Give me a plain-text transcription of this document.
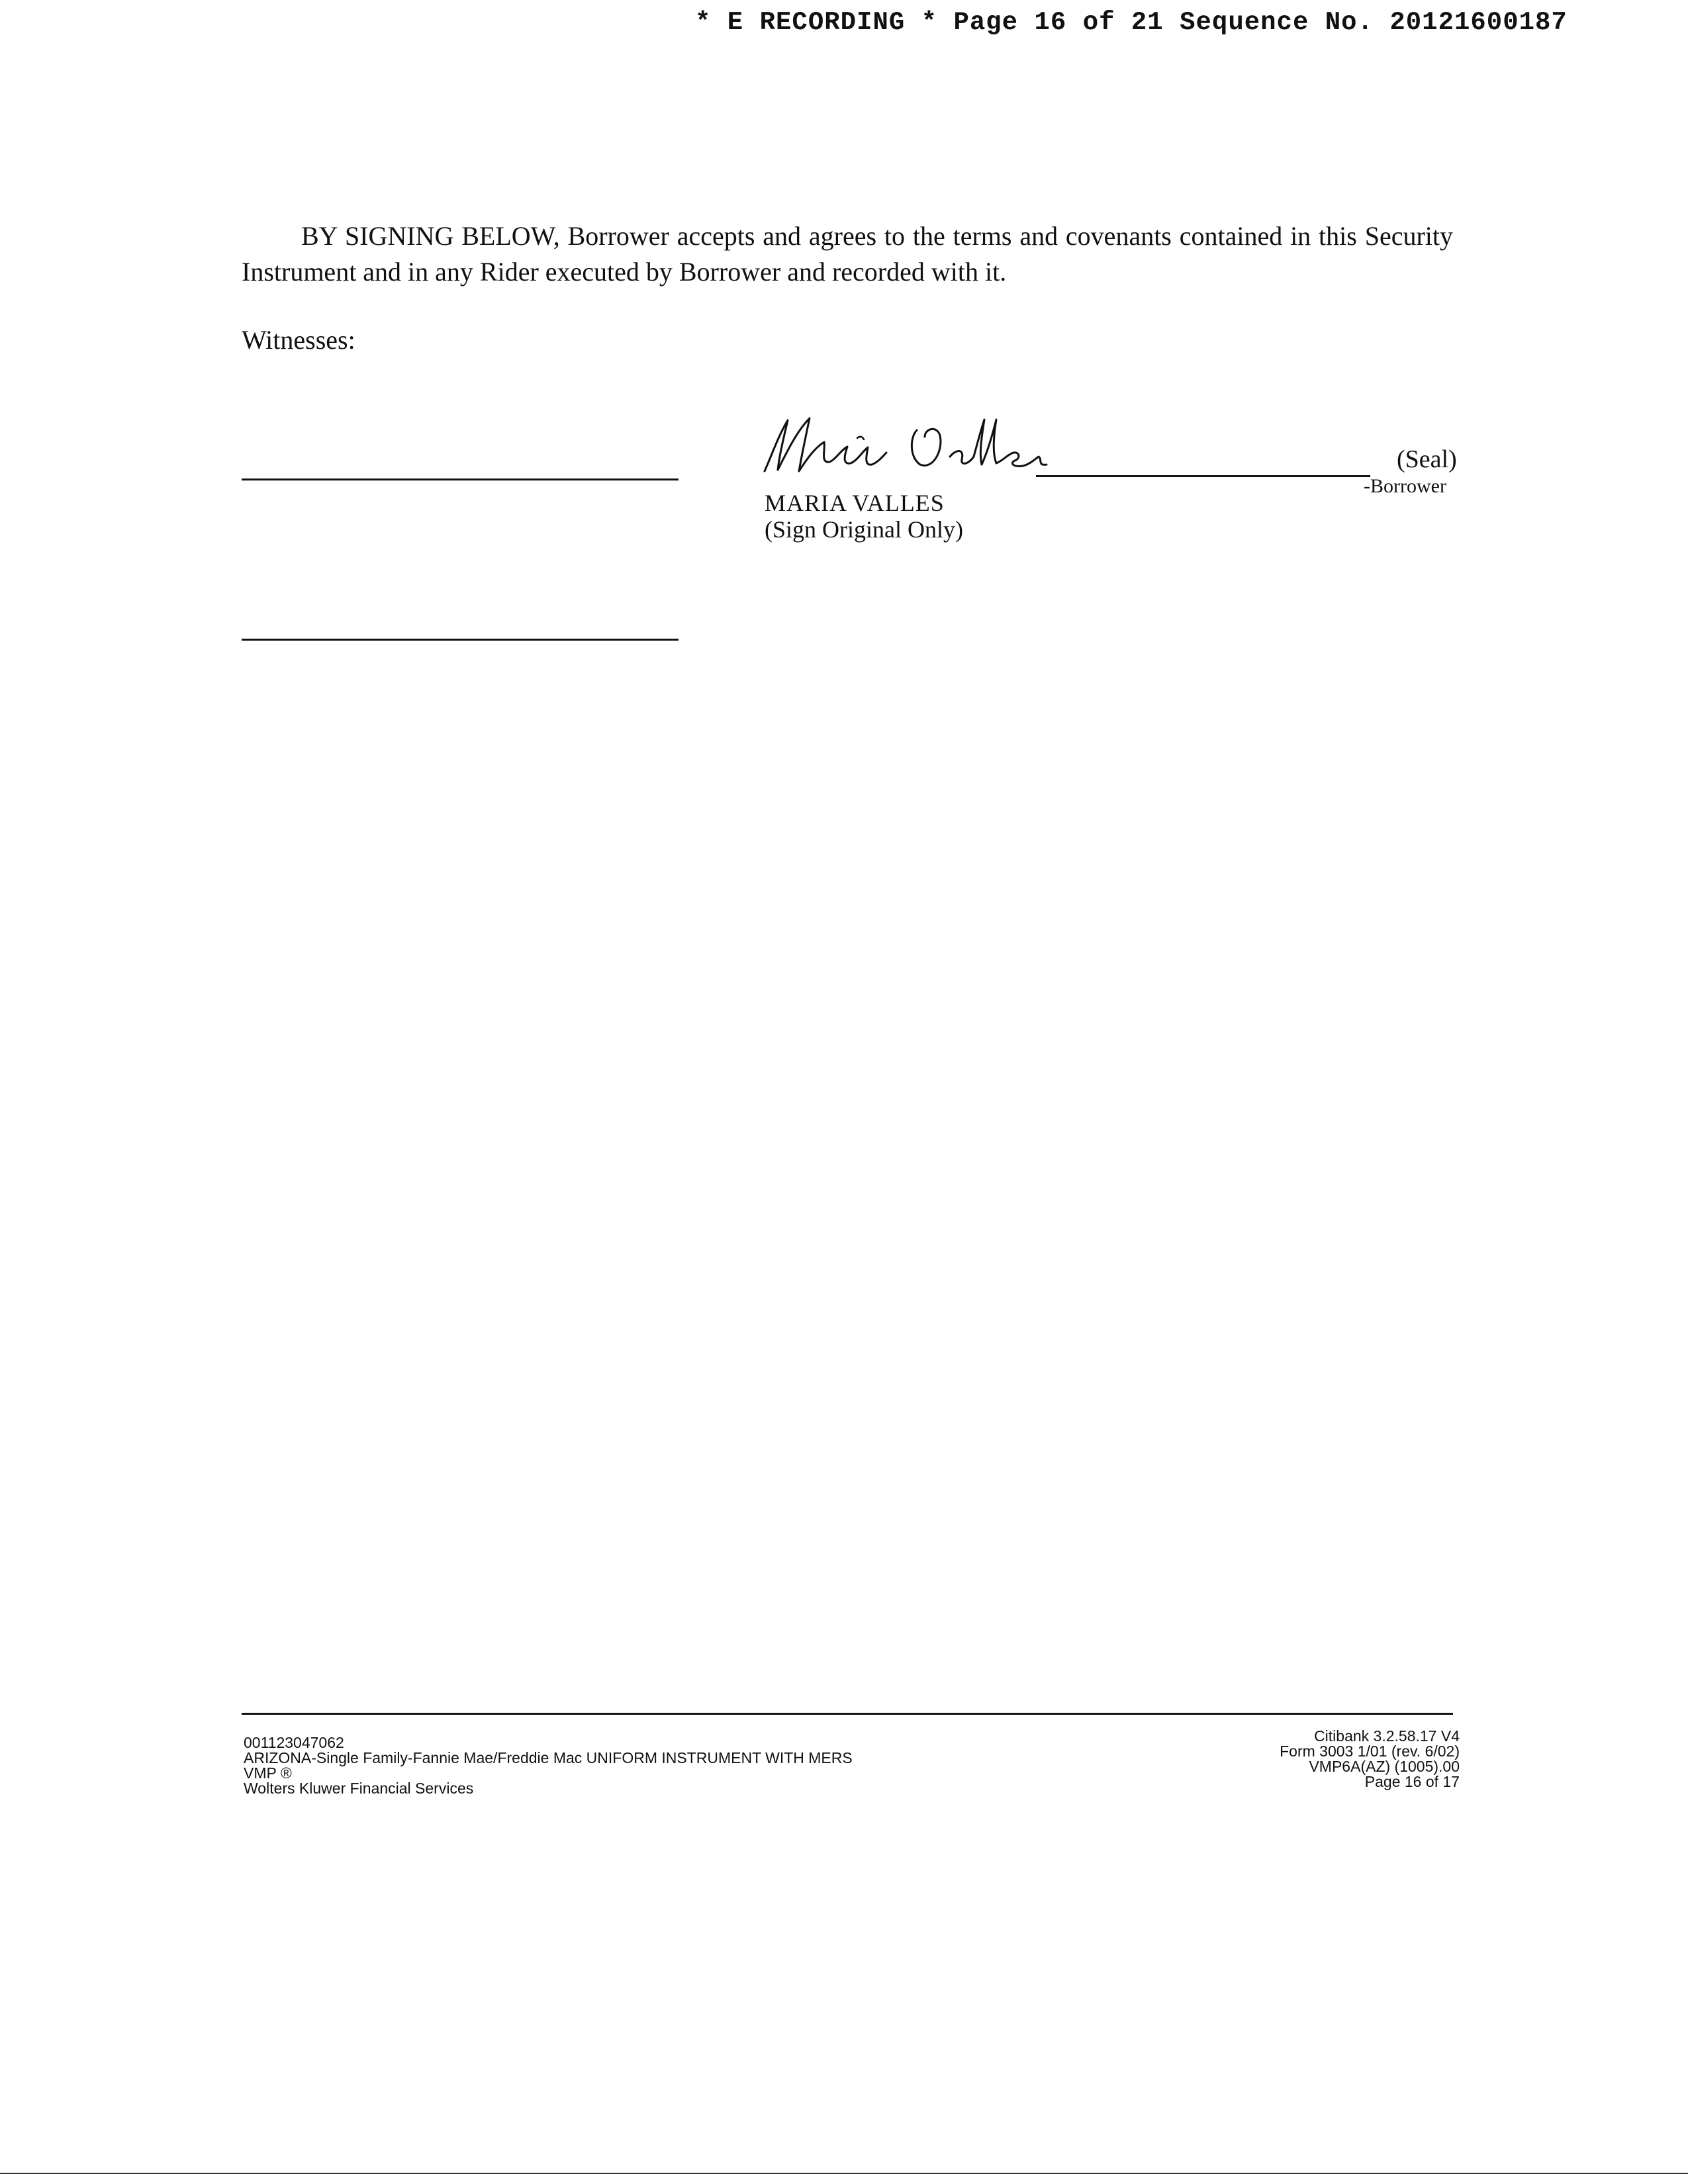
* E RECORDING * Page 16 of 21 Sequence No. 20121600187
BY SIGNING BELOW, Borrower accepts and agrees to the terms and covenants contained in this Security Instrument and in any Rider executed by Borrower and recorded with it.
Witnesses:
(Seal)
-Borrower
MARIA VALLES
(Sign Original Only)
001123047062
ARIZONA-Single Family-Fannie Mae/Freddie Mac UNIFORM INSTRUMENT WITH MERS
VMP ®
Wolters Kluwer Financial Services
Citibank 3.2.58.17 V4
Form 3003 1/01 (rev. 6/02)
VMP6A(AZ) (1005).00
Page 16 of 17
